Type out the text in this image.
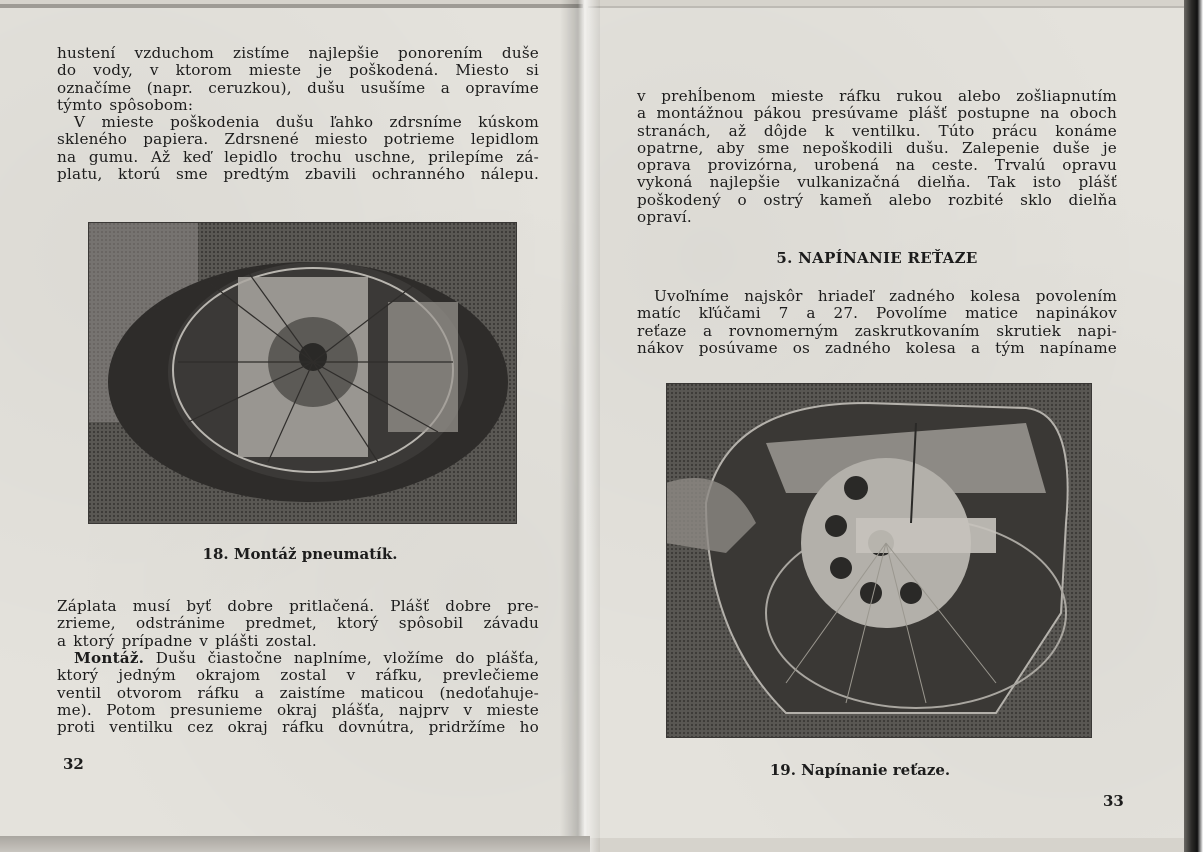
hustení vzduchom zistíme najlepšie ponorením duše
do vody, v ktorom mieste je poškodená. Miesto si
označíme (napr. ceruzkou), dušu usušíme a opravíme
týmto spôsobom:
V mieste poškodenia dušu ľahko zdrsníme kúskom
skleného papiera. Zdrsnené miesto potrieme lepidlom
na gumu. Až keď lepidlo trochu uschne, prilepíme zá-
platu, ktorú sme predtým zbavili ochranného nálepu.
18. Montáž pneumatík.
Záplata musí byť dobre pritlačená. Plášť dobre pre-
zrieme, odstránime predmet, ktorý spôsobil závadu
a ktorý prípadne v plášti zostal.
Montáž. Dušu čiastočne naplníme, vložíme do plášťa,
ktorý jedným okrajom zostal v ráfku, prevlečieme
ventil otvorom ráfku a zaistíme maticou (nedoťahuje-
me). Potom presunieme okraj plášťa, najprv v mieste
proti ventilku cez okraj ráfku dovnútra, pridržíme ho
32
v prehĺbenom mieste ráfku rukou alebo zošliapnutím
a montážnou pákou presúvame plášť postupne na oboch
stranách, až dôjde k ventilku. Túto prácu konáme
opatrne, aby sme nepoškodili dušu. Zalepenie duše je
oprava provizórna, urobená na ceste. Trvalú opravu
vykoná najlepšie vulkanizačná dielňa. Tak isto plášť
poškodený o ostrý kameň alebo rozbité sklo dielňa
opraví.
5. NAPÍNANIE REŤAZE
Uvoľníme najskôr hriadeľ zadného kolesa povolením
matíc kľúčami 7 a 27. Povolíme matice napinákov
reťaze a rovnomerným zaskrutkovaním skrutiek napi-
nákov posúvame os zadného kolesa a tým napíname
19. Napínanie reťaze.
33
